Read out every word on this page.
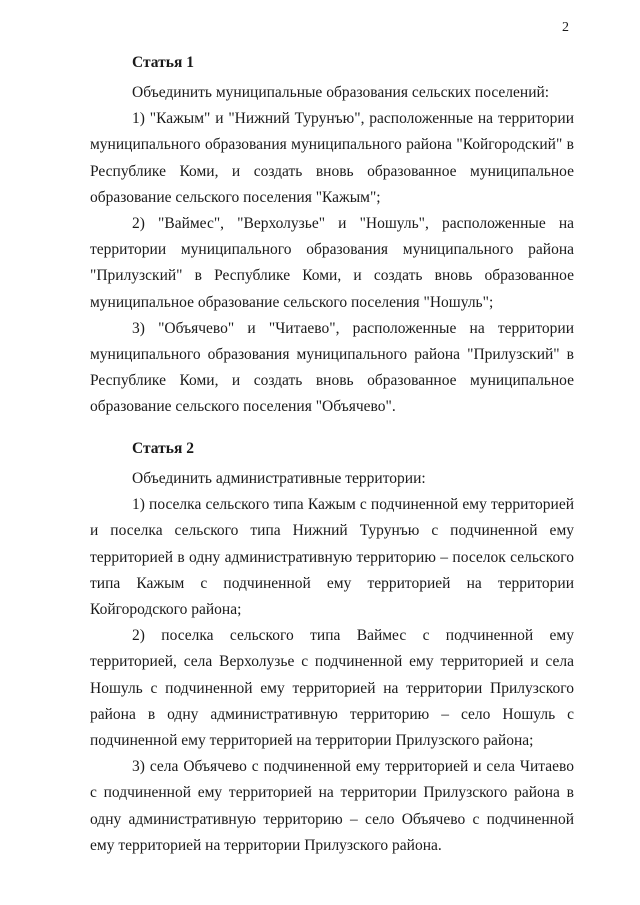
2
Статья 1

Объединить муниципальные образования сельских поселений:

1) "Кажым" и "Нижний Турунъю", расположенные на территории муниципального образования муниципального района "Койгородский" в Республике Коми, и создать вновь образованное муниципальное образование сельского поселения "Кажым";

2) "Ваймес", "Верхолузье" и "Ношуль", расположенные на территории муниципального образования муниципального района "Прилузский" в Республике Коми, и создать вновь образованное муниципальное образование сельского поселения "Ношуль";

3) "Объячево" и "Читаево", расположенные на территории муниципального образования муниципального района "Прилузский" в Республике Коми, и создать вновь образованное муниципальное образование сельского поселения "Объячево".

Статья 2

Объединить административные территории:

1) поселка сельского типа Кажым с подчиненной ему территорией и поселка сельского типа Нижний Турунъю с подчиненной ему территорией в одну административную территорию – поселок сельского типа Кажым с подчиненной ему территорией на территории Койгородского района;

2) поселка сельского типа Ваймес с подчиненной ему территорией, села Верхолузье с подчиненной ему территорией и села Ношуль с подчиненной ему территорией на территории Прилузского района в одну административную территорию – село Ношуль с подчиненной ему территорией на территории Прилузского района;

3) села Объячево с подчиненной ему территорией и села Читаево с подчиненной ему территорией на территории Прилузского района в одну административную территорию – село Объячево с подчиненной ему территорией на территории Прилузского района.
